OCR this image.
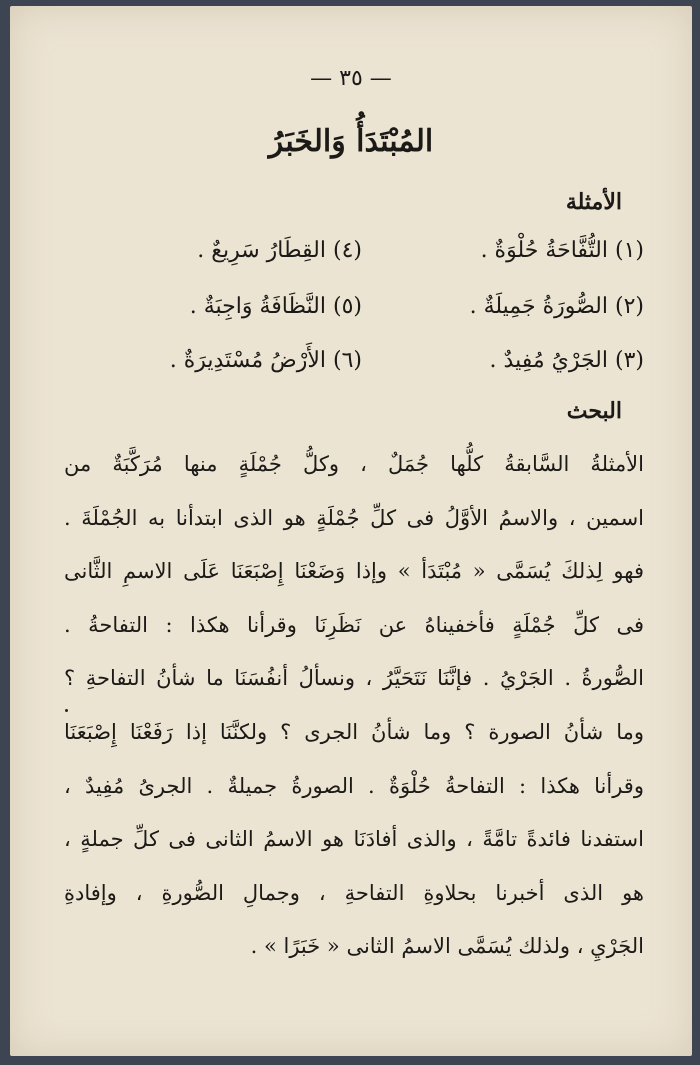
— ٣٥ —
المُبْتَدَأُ وَالخَبَرُ
الأمثلة
(١) التُّفَّاحَةُ حُلْوَةٌ .
(٤) القِطَارُ سَرِيعٌ .
(٢) الصُّورَةُ جَمِيلَةٌ .
(٥) النَّظَافَةُ وَاجِبَةٌ .
(٣) الجَرْيُ مُفِيدٌ .
(٦) الأَرْضُ مُسْتَدِيرَةٌ .
البحث
الأمثلةُ السَّابقةُ كلُّها جُمَلٌ ، وكلُّ جُمْلَةٍ منها مُرَكَّبَةٌ من
اسمين ، والاسمُ الأوَّلُ فى كلِّ جُمْلَةٍ هو الذى ابتدأنا به الجُمْلَةَ .
فهو لِذلكَ يُسَمَّى « مُبْتَدَأ » وإذا وَضَعْنَا إِصْبَعَنَا عَلَى الاسمِ الثَّانى
فى كلِّ جُمْلَةٍ فأخفيناهُ عن نَظَرِنَا وقرأنا هكذا : التفاحةُ .
الصُّورةُ . الجَرْيُ . فإنَّنَا نَتَحَيَّرُ ، ونسألُ أنفُسَنَا ما شأنُ التفاحةِ ؟
وما شأنُ الصورة ؟ وما شأنُ الجرى ؟ ولكنَّنَا إذا رَفَعْنَا إِصْبَعَنَا
وقرأنا هكذا : التفاحةُ حُلْوَةٌ . الصورةُ جميلةٌ . الجرىُ مُفِيدٌ ،
استفدنا فائدةً تامَّةً ، والذى أفادَنَا هو الاسمُ الثانى فى كلِّ جملةٍ ،
هو الذى أخبرنا بحلاوةِ التفاحةِ ، وجمالِ الصُّورةِ ، وإفادةِ
الجَرْيِ ، ولذلك يُسَمَّى الاسمُ الثانى « خَبَرًا » .
